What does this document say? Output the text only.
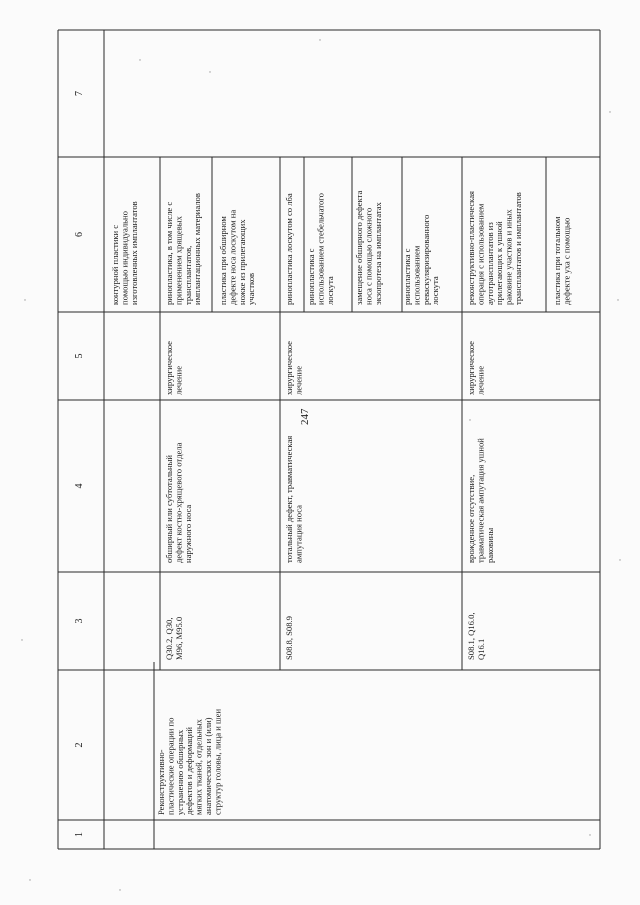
247
1
2
3
4
5
6
7
Реконструктивно-пластические операции поустранению обширныхдефектов и деформациймягких тканей, отдельныханатомических зон и (или)структур головы, лица и шеи
контурной пластики спомощью индивидуальноизготовленных имплантатов
Q30.2, Q30,M96, M95.0
обширный или субтотальныйдефект костно-хрящевого отделанаружного носа
хирургическоелечение
ринопластика, в том числе сприменением хрящевыхтрансплантатов,имплантационных материалов пластика при обширномдефекте носа лоскутом наножке из прилегающихучастков
S08.8, S08.9
тотальный дефект, травматическаяампутация носа
хирургическоелечение
ринопластика лоскутом со лба ринопластика сиспользованием стебельчатоголоскута замещение обширного дефектаноса с помощью сложногоэкзопротеза на имплантатах ринопластика сиспользованиемреваскуляризированноголоскута
S08.1, Q16.0,Q16.1
врожденное отсутствие,травматическая ампутация ушнойраковины
хирургическоелечение
реконструктивно-пластическаяоперация с использованиемаутотрансплантатов изприлегающих к ушнойраковине участков и иныхтрансплантатов и имплантатов	пластика при тотальномдефекте уха с помощью
